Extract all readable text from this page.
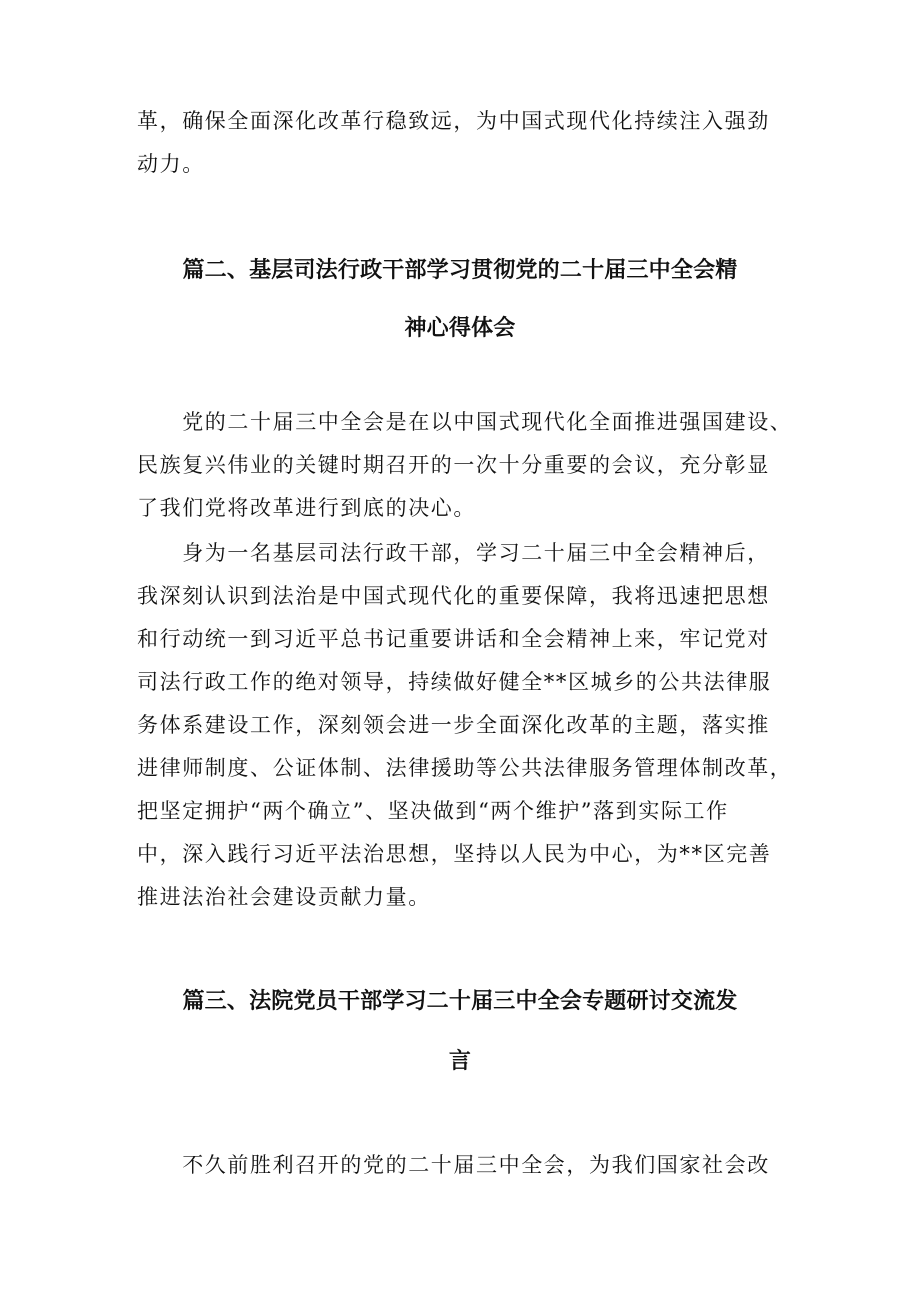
革，确保全面深化改革行稳致远，为中国式现代化持续注入强劲
动力。
篇二、基层司法行政干部学习贯彻党的二十届三中全会精
神心得体会
　　党的二十届三中全会是在以中国式现代化全面推进强国建设、
民族复兴伟业的关键时期召开的一次十分重要的会议，充分彰显
了我们党将改革进行到底的决心。
　　身为一名基层司法行政干部，学习二十届三中全会精神后，
我深刻认识到法治是中国式现代化的重要保障，我将迅速把思想
和行动统一到习近平总书记重要讲话和全会精神上来，牢记党对
司法行政工作的绝对领导，持续做好健全**区城乡的公共法律服
务体系建设工作，深刻领会进一步全面深化改革的主题，落实推
进律师制度、公证体制、法律援助等公共法律服务管理体制改革，
把坚定拥护“两个确立”、坚决做到“两个维护”落到实际工作
中，深入践行习近平法治思想，坚持以人民为中心，为**区完善
推进法治社会建设贡献力量。
篇三、法院党员干部学习二十届三中全会专题研讨交流发
言
　　不久前胜利召开的党的二十届三中全会，为我们国家社会改
